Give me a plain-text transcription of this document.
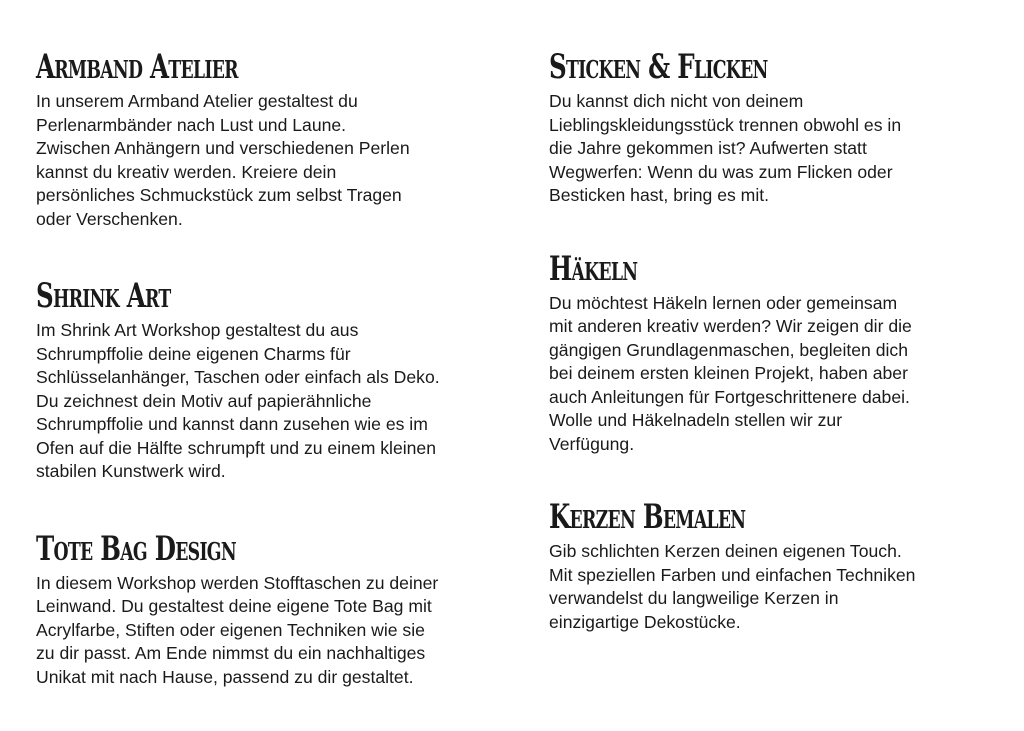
Armband Atelier

In unserem Armband Atelier gestaltest du
Perlenarmbänder nach Lust und Laune.
Zwischen Anhängern und verschiedenen Perlen
kannst du kreativ werden. Kreiere dein
persönliches Schmuckstück zum selbst Tragen
oder Verschenken.

Shrink Art

Im Shrink Art Workshop gestaltest du aus
Schrumpffolie deine eigenen Charms für
Schlüsselanhänger, Taschen oder einfach als Deko.
Du zeichnest dein Motiv auf papierähnliche
Schrumpffolie und kannst dann zusehen wie es im
Ofen auf die Hälfte schrumpft und zu einem kleinen
stabilen Kunstwerk wird.

Tote Bag Design

In diesem Workshop werden Stofftaschen zu deiner
Leinwand. Du gestaltest deine eigene Tote Bag mit
Acrylfarbe, Stiften oder eigenen Techniken wie sie
zu dir passt. Am Ende nimmst du ein nachhaltiges
Unikat mit nach Hause, passend zu dir gestaltet.

Sticken & Flicken

Du kannst dich nicht von deinem
Lieblingskleidungsstück trennen obwohl es in
die Jahre gekommen ist? Aufwerten statt
Wegwerfen: Wenn du was zum Flicken oder
Besticken hast, bring es mit.

Häkeln

Du möchtest Häkeln lernen oder gemeinsam
mit anderen kreativ werden? Wir zeigen dir die
gängigen Grundlagenmaschen, begleiten dich
bei deinem ersten kleinen Projekt, haben aber
auch Anleitungen für Fortgeschrittenere dabei.
Wolle und Häkelnadeln stellen wir zur
Verfügung.

Kerzen Bemalen

Gib schlichten Kerzen deinen eigenen Touch.
Mit speziellen Farben und einfachen Techniken
verwandelst du langweilige Kerzen in
einzigartige Dekostücke.
